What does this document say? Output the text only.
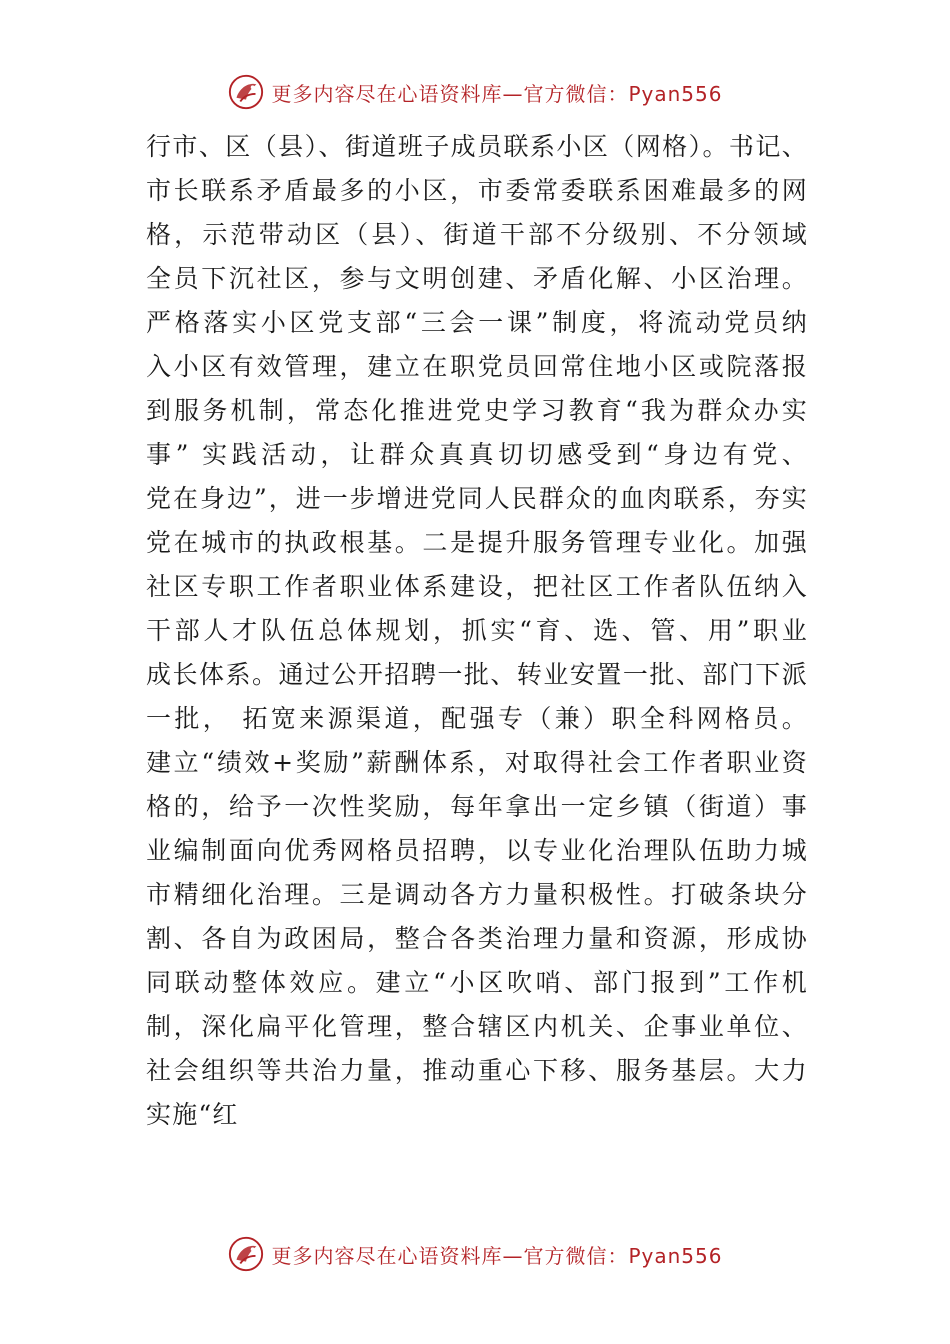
更多内容尽在心语资料库—官方微信：Pyan556
行市、区（县）、街道班子成员联系小区（网格）。书记、
市长联系矛盾最多的小区，市委常委联系困难最多的网
格，示范带动区（县）、街道干部不分级别、不分领域
全员下沉社区，参与文明创建、矛盾化解、小区治理。
严格落实小区党支部“三会一课”制度，将流动党员纳
入小区有效管理，建立在职党员回常住地小区或院落报
到服务机制，常态化推进党史学习教育“我为群众办实
事” 实践活动，让群众真真切切感受到“身边有党、
党在身边”，进一步增进党同人民群众的血肉联系，夯实
党在城市的执政根基。二是提升服务管理专业化。加强
社区专职工作者职业体系建设，把社区工作者队伍纳入
干部人才队伍总体规划，抓实“育、选、管、用”职业
成长体系。通过公开招聘一批、转业安置一批、部门下派
一批， 拓宽来源渠道，配强专（兼）职全科网格员。
建立“绩效+奖励”薪酬体系，对取得社会工作者职业资
格的，给予一次性奖励，每年拿出一定乡镇（街道）事
业编制面向优秀网格员招聘，以专业化治理队伍助力城
市精细化治理。三是调动各方力量积极性。打破条块分
割、各自为政困局，整合各类治理力量和资源，形成协
同联动整体效应。建立“小区吹哨、部门报到”工作机
制，深化扁平化管理，整合辖区内机关、企事业单位、
社会组织等共治力量，推动重心下移、服务基层。大力
实施“红
更多内容尽在心语资料库—官方微信：Pyan556
